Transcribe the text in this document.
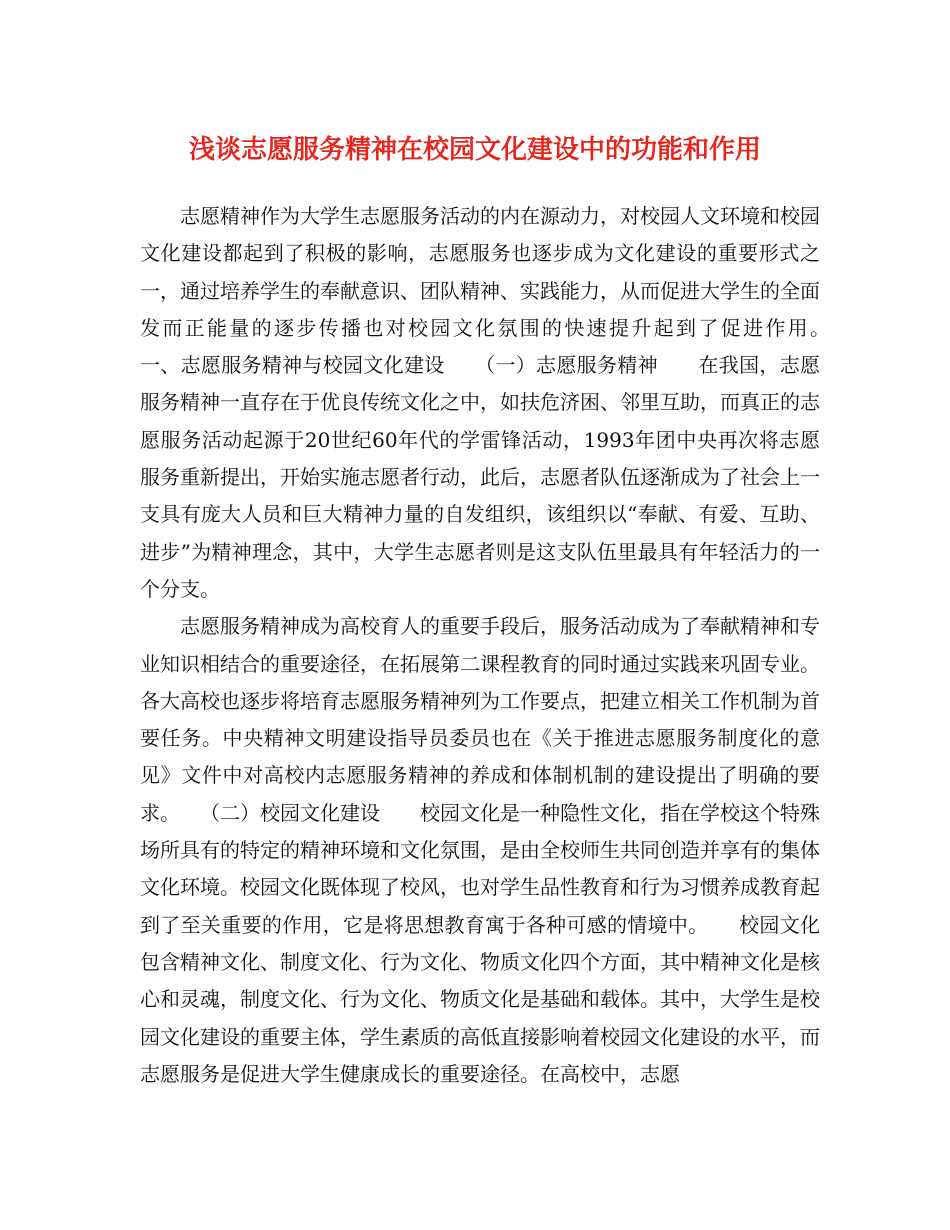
浅谈志愿服务精神在校园文化建设中的功能和作用

志愿精神作为大学生志愿服务活动的内在源动力，对校园人文环境和校园文化建设都起到了积极的影响，志愿服务也逐步成为文化建设的重要形式之一，通过培养学生的奉献意识、团队精神、实践能力，从而促进大学生的全面发而正能量的逐步传播也对校园文化氛围的快速提升起到了促进作用。　　一、志愿服务精神与校园文化建设　　（一）志愿服务精神　　在我国，志愿服务精神一直存在于优良传统文化之中，如扶危济困、邻里互助，而真正的志愿服务活动起源于20世纪60年代的学雷锋活动，1993年团中央再次将志愿服务重新提出，开始实施志愿者行动，此后，志愿者队伍逐渐成为了社会上一支具有庞大人员和巨大精神力量的自发组织，该组织以“奉献、有爱、互助、进步”为精神理念，其中，大学生志愿者则是这支队伍里最具有年轻活力的一个分支。

志愿服务精神成为高校育人的重要手段后，服务活动成为了奉献精神和专业知识相结合的重要途径，在拓展第二课程教育的同时通过实践来巩固专业。各大高校也逐步将培育志愿服务精神列为工作要点，把建立相关工作机制为首要任务。中央精神文明建设指导员委员也在《关于推进志愿服务制度化的意见》文件中对高校内志愿服务精神的养成和体制机制的建设提出了明确的要求。　　（二）校园文化建设　　校园文化是一种隐性文化，指在学校这个特殊场所具有的特定的精神环境和文化氛围，是由全校师生共同创造并享有的集体文化环境。校园文化既体现了校风，也对学生品性教育和行为习惯养成教育起到了至关重要的作用，它是将思想教育寓于各种可感的情境中。　　校园文化包含精神文化、制度文化、行为文化、物质文化四个方面，其中精神文化是核心和灵魂，制度文化、行为文化、物质文化是基础和载体。其中，大学生是校园文化建设的重要主体，学生素质的高低直接影响着校园文化建设的水平，而志愿服务是促进大学生健康成长的重要途径。在高校中，志愿
